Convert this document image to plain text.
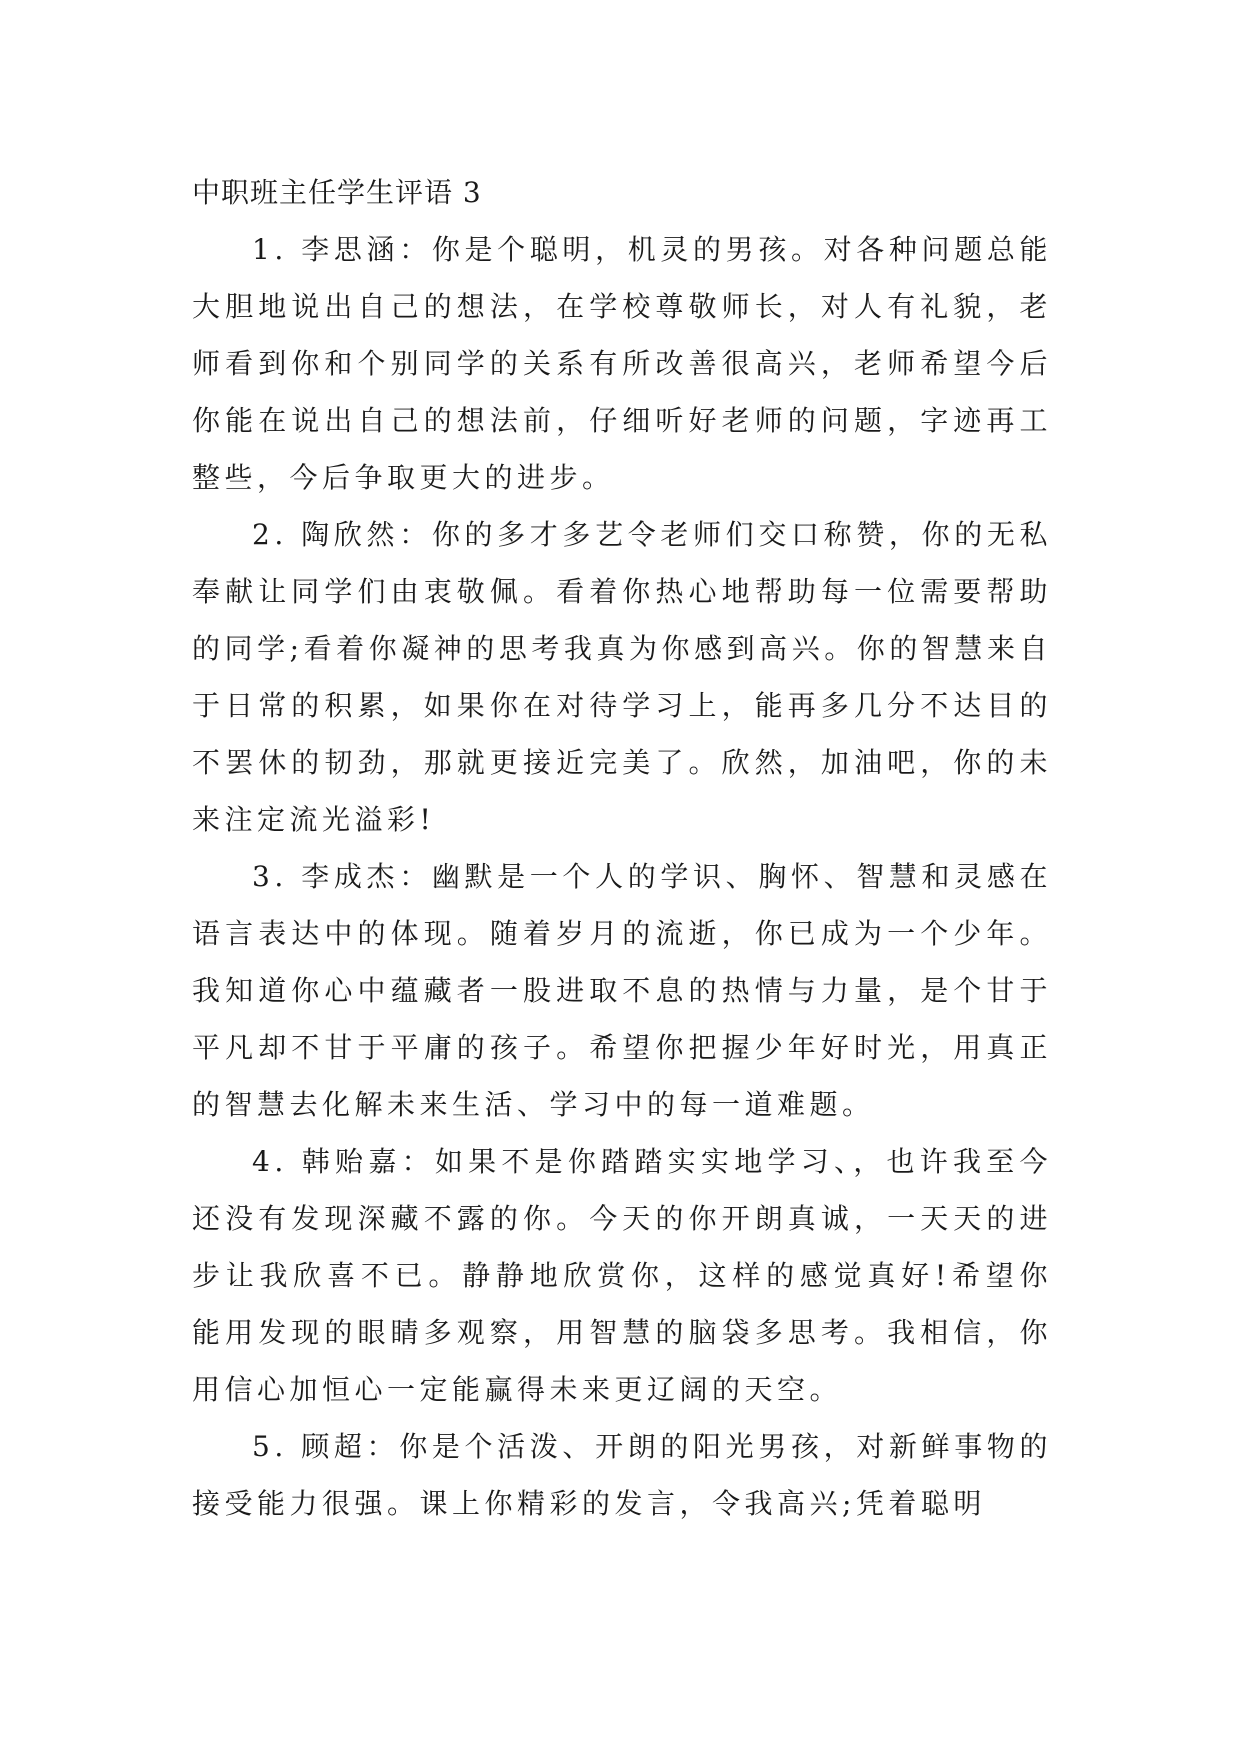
中职班主任学生评语 3

1. 李思涵：你是个聪明，机灵的男孩。对各种问题总能大胆地说出自己的想法，在学校尊敬师长，对人有礼貌，老师看到你和个别同学的关系有所改善很高兴，老师希望今后你能在说出自己的想法前，仔细听好老师的问题，字迹再工整些，今后争取更大的进步。

2. 陶欣然：你的多才多艺令老师们交口称赞，你的无私奉献让同学们由衷敬佩。看着你热心地帮助每一位需要帮助的同学;看着你凝神的思考我真为你感到高兴。你的智慧来自于日常的积累，如果你在对待学习上，能再多几分不达目的不罢休的韧劲，那就更接近完美了。欣然，加油吧，你的未来注定流光溢彩!

3. 李成杰：幽默是一个人的学识、胸怀、智慧和灵感在语言表达中的体现。随着岁月的流逝，你已成为一个少年。我知道你心中蕴藏者一股进取不息的热情与力量，是个甘于平凡却不甘于平庸的孩子。希望你把握少年好时光，用真正的智慧去化解未来生活、学习中的每一道难题。

4. 韩贻嘉：如果不是你踏踏实实地学习、，也许我至今还没有发现深藏不露的你。今天的你开朗真诚，一天天的进步让我欣喜不已。静静地欣赏你，这样的感觉真好!希望你能用发现的眼睛多观察，用智慧的脑袋多思考。我相信，你用信心加恒心一定能赢得未来更辽阔的天空。

5. 顾超：你是个活泼、开朗的阳光男孩，对新鲜事物的接受能力很强。课上你精彩的发言，令我高兴;凭着聪明
